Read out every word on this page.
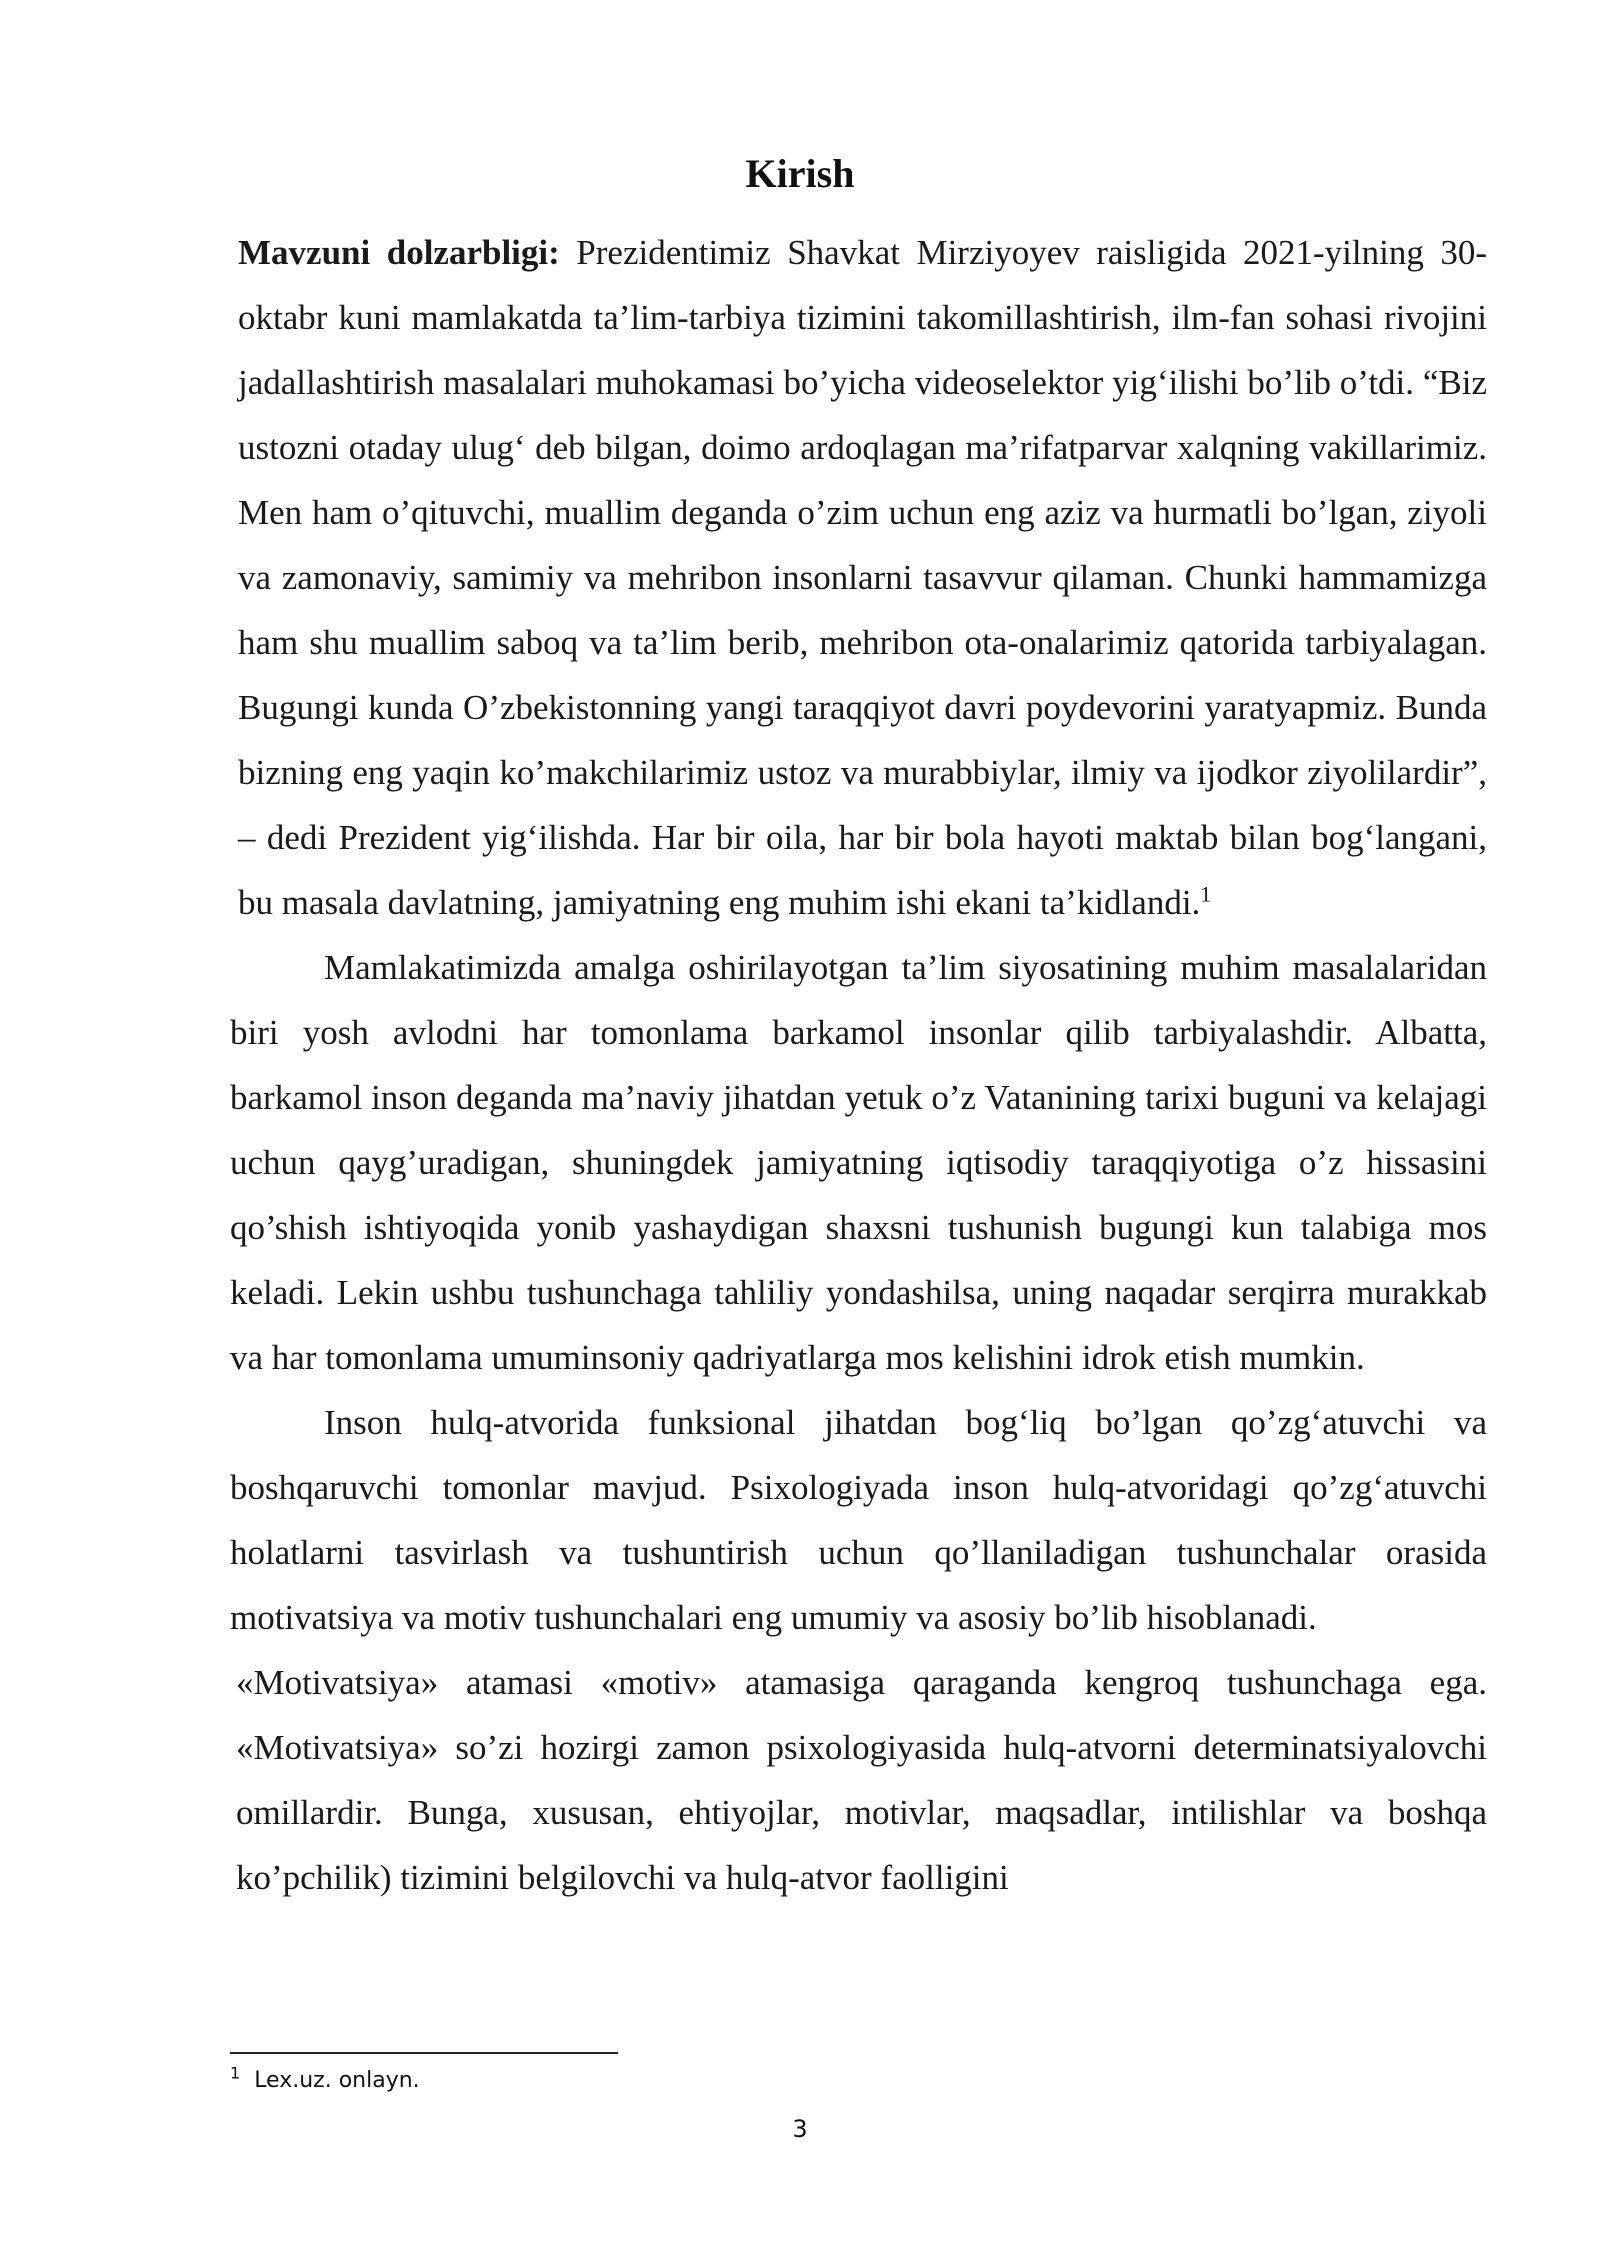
Kirish

Mavzuni dolzarbligi: Prezidentimiz Shavkat Mirziyoyev raisligida 2021-yilning 30-oktabr kuni mamlakatda ta’lim-tarbiya tizimini takomillashtirish, ilm-fan sohasi rivojini jadallashtirish masalalari muhokamasi bo’yicha videoselektor yig‘ilishi bo’lib o’tdi. “Biz ustozni otaday ulug‘ deb bilgan, doimo ardoqlagan ma’rifatparvar xalqning vakillarimiz. Men ham o’qituvchi, muallim deganda o’zim uchun eng aziz va hurmatli bo’lgan, ziyoli va zamonaviy, samimiy va mehribon insonlarni tasavvur qilaman. Chunki hammamizga ham shu muallim saboq va ta’lim berib, mehribon ota-onalarimiz qatorida tarbiyalagan. Bugungi kunda O’zbekistonning yangi taraqqiyot davri poydevorini yaratyapmiz. Bunda bizning eng yaqin ko’makchilarimiz ustoz va murabbiylar, ilmiy va ijodkor ziyolilardir”, – dedi Prezident yig‘ilishda. Har bir oila, har bir bola hayoti maktab bilan bog‘langani, bu masala davlatning, jamiyatning eng muhim ishi ekani ta’kidlandi.$^1$

Mamlakatimizda amalga oshirilayotgan ta’lim siyosatining muhim masalalaridan biri yosh avlodni har tomonlama barkamol insonlar qilib tarbiyalashdir. Albatta, barkamol inson deganda ma’naviy jihatdan yetuk o’z Vatanining tarixi buguni va kelajagi uchun qayg’uradigan, shuningdek jamiyatning iqtisodiy taraqqiyotiga o’z hissasini qo’shish ishtiyoqida yonib yashaydigan shaxsni tushunish bugungi kun talabiga mos keladi. Lekin ushbu tushunchaga tahliliy yondashilsa, uning naqadar serqirra murakkab va har tomonlama umuminsoniy qadriyatlarga mos kelishini idrok etish mumkin.

Inson hulq-atvorida funksional jihatdan bog‘liq bo’lgan qo’zg‘atuvchi va boshqaruvchi tomonlar mavjud. Psixologiyada inson hulq-atvoridagi qo’zg‘atuvchi holatlarni tasvirlash va tushuntirish uchun qo’llaniladigan tushunchalar orasida motivatsiya va motiv tushunchalari eng umumiy va asosiy bo’lib hisoblanadi.

«Motivatsiya» atamasi «motiv» atamasiga qaraganda kengroq tushunchaga ega. «Motivatsiya» so’zi hozirgi zamon psixologiyasida hulq-atvorni determinatsiyalovchi omillardir. Bunga, xususan, ehtiyojlar, motivlar, maqsadlar, intilishlar va boshqa ko’pchilik) tizimini belgilovchi va hulq-atvor faolligini

$^1$ Lex.uz. onlayn.
3
